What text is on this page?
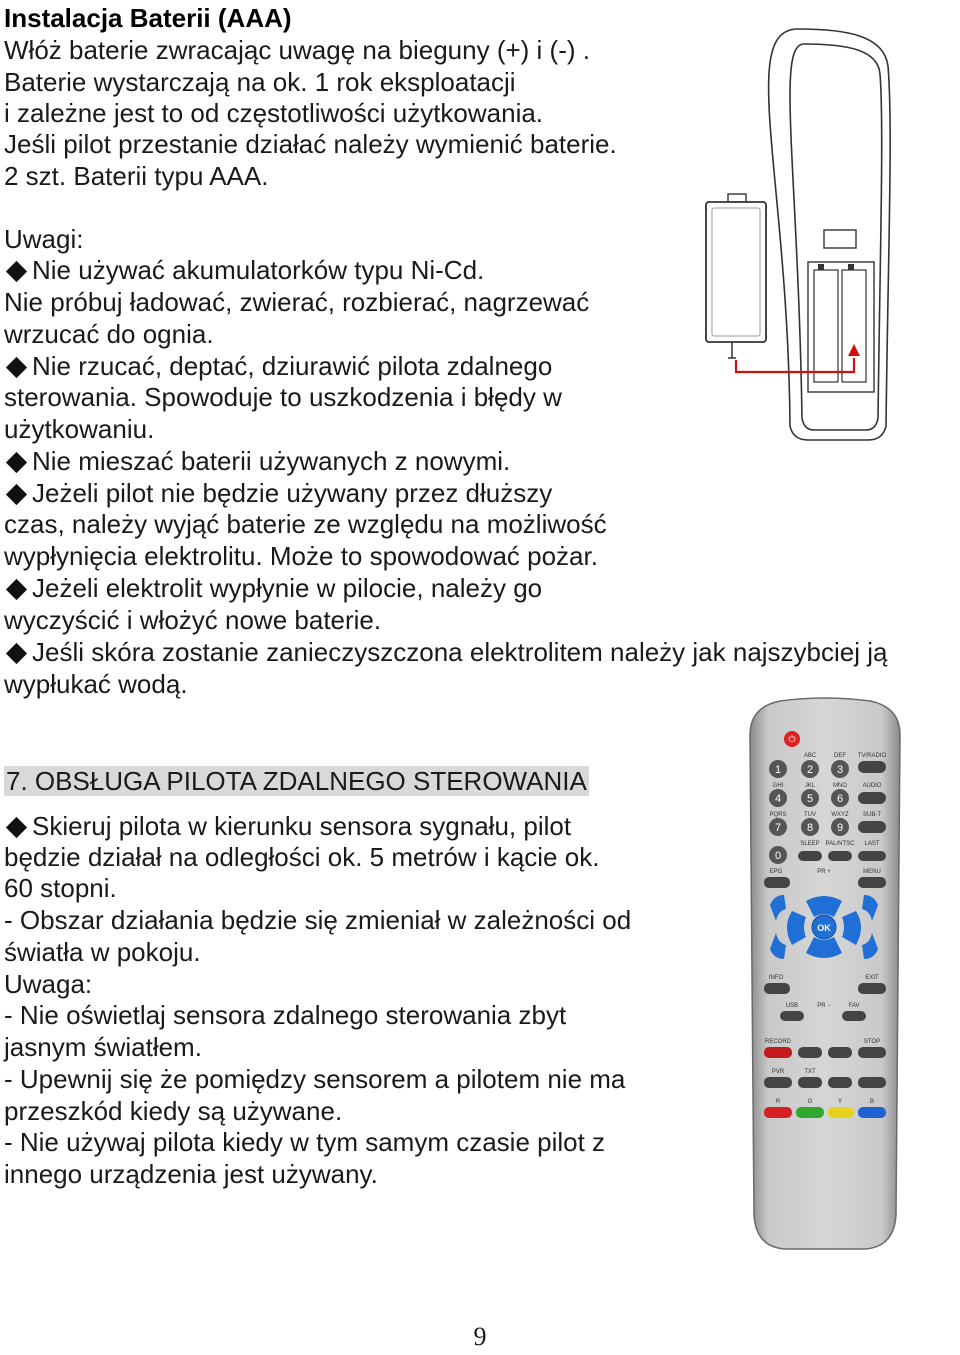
Instalacja Baterii (AAA)
Włóż baterie zwracając uwagę na bieguny (+) i (-) .
Baterie wystarczają na ok. 1 rok eksploatacji
i zależne jest to od częstotliwości użytkowania.
Jeśli pilot przestanie działać należy wymienić baterie.
2 szt. Baterii typu AAA.
Uwagi:
Nie używać akumulatorków typu Ni-Cd.
Nie próbuj ładować, zwierać, rozbierać, nagrzewać
wrzucać do ognia.
Nie rzucać, deptać, dziurawić pilota zdalnego
sterowania. Spowoduje to uszkodzenia i błędy w
użytkowaniu.
Nie mieszać baterii używanych z nowymi.
Jeżeli pilot nie będzie używany przez dłuższy
czas, należy wyjąć baterie ze względu na możliwość
wypłynięcia elektrolitu. Może to spowodować pożar.
Jeżeli elektrolit wypłynie w pilocie, należy go
wyczyścić i włożyć nowe baterie.
Jeśli skóra zostanie zanieczyszczona elektrolitem należy jak najszybciej ją
wypłukać wodą.
7. OBSŁUGA PILOTA ZDALNEGO STEROWANIA
Skieruj pilota w kierunku sensora sygnału, pilot
będzie działał na odległości ok. 5 metrów i kącie ok.
60 stopni.
- Obszar działania będzie się zmieniał w zależności od
światła w pokoju.
Uwaga:
- Nie oświetlaj sensora zdalnego sterowania zbyt
jasnym światłem.
- Upewnij się że pomiędzy sensorem a pilotem nie ma
przeszkód kiedy są używane.
- Nie używaj pilota kiedy w tym samym czasie pilot z
innego urządzenia jest używany.
⏻
ABC	DEF TV/RADIO
1 2 3
GHI	JKL	MNO	AUDIO
4 5 6
PQRS	TUV	WXYZ SUB-T
7 8 9
SLEEP PAL/NTSC LAST
0
EPG	PR +	MENU
OK
INFO	EXIT
USB	PR −	FAV
RECORD	STOP
PVR	TXT
R	G	Y	B
9
